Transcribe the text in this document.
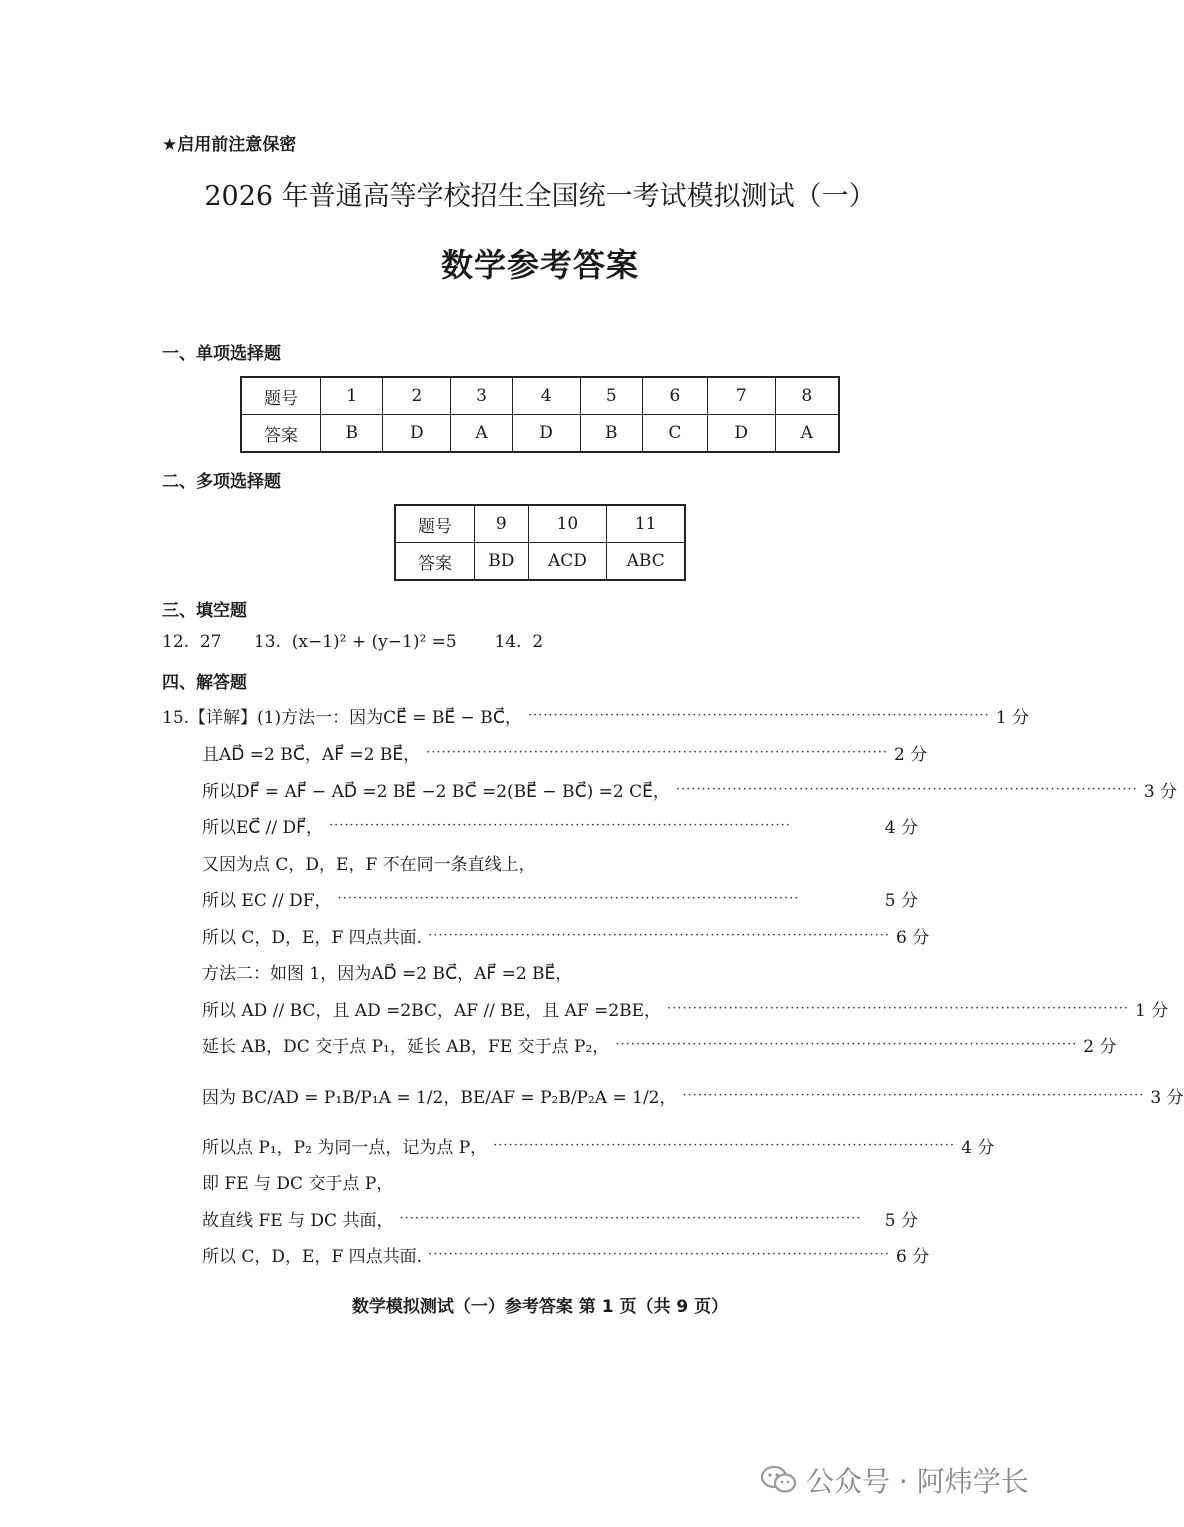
★启用前注意保密
2026 年普通高等学校招生全国统一考试模拟测试（一）
数学参考答案
一、单项选择题
题号	1	2	3	4	5	6	7	8
答案	B	D	A	D	B	C	D	A
二、多项选择题
题号	9	10	11
答案	BD	ACD	ABC
三、填空题
12.  27      13.  (x−1)² + (y−1)² =5       14.  2
四、解答题
15.【详解】(1)方法一：因为CE⃗ = BE⃗ − BC⃗， ·························································································· 1 分
且AD⃗ =2 BC⃗，AF⃗ =2 BE⃗， ·························································································· 2 分
所以DF⃗ = AF⃗ − AD⃗ =2 BE⃗ −2 BC⃗ =2(BE⃗ − BC⃗) =2 CE⃗， ·························································································· 3 分
所以EC⃗ // DF⃗， ··························································································	4 分
又因为点 C，D，E，F 不在同一条直线上，
所以 EC // DF， ··························································································	5 分
所以 C，D，E，F 四点共面. ·························································································· 6 分
方法二：如图 1，因为AD⃗ =2 BC⃗，AF⃗ =2 BE⃗，
所以 AD // BC，且 AD =2BC，AF // BE，且 AF =2BE， ·························································································· 1 分
延长 AB，DC 交于点 P₁，延长 AB，FE 交于点 P₂， ·························································································· 2 分
因为 BC/AD = P₁B/P₁A = 1/2，BE/AF = P₂B/P₂A = 1/2， ·························································································· 3 分
所以点 P₁，P₂ 为同一点，记为点 P， ·························································································· 4 分
即 FE 与 DC 交于点 P，
故直线 FE 与 DC 共面， ··························································································	5 分
所以 C，D，E，F 四点共面. ·························································································· 6 分
数学模拟测试（一）参考答案 第 1 页（共 9 页）
公众号 · 阿炜学长
